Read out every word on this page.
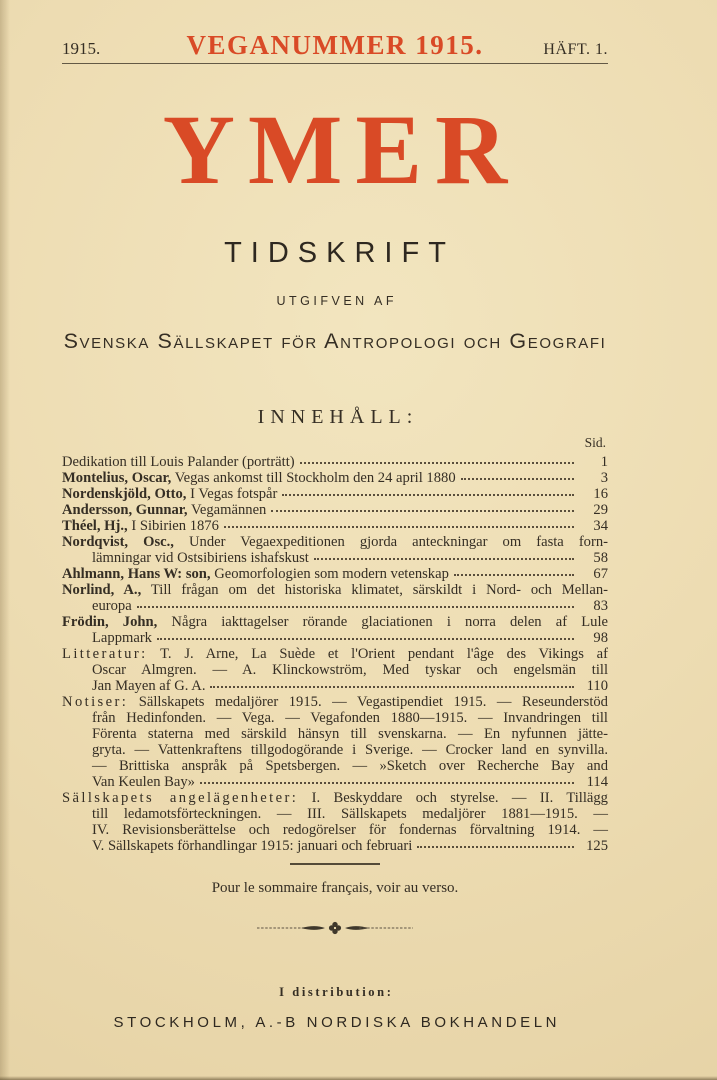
1915.	VEGANUMMER 1915.	HÄFT. 1.
YMER
TIDSKRIFT
UTGIFVEN AF
Svenska Sällskapet för Antropologi och Geografi
INNEHÅLL:
Sid.
Dedikation till Louis Palander (porträtt)	1
Montelius, Oscar, Vegas ankomst till Stockholm den 24 april 1880	3
Nordenskjöld, Otto, I Vegas fotspår	16
Andersson, Gunnar, Vegamännen	29
Théel, Hj., I Sibirien 1876	34
Nordqvist, Osc., Under Vegaexpeditionen gjorda anteckningar om fasta forn-
lämningar vid Ostsibiriens ishafskust	58
Ahlmann, Hans W: son, Geomorfologien som modern vetenskap	67
Norlind, A., Till frågan om det historiska klimatet, särskildt i Nord- och Mellan-
europa	83
Frödin, John, Några iakttagelser rörande glaciationen i norra delen af Lule
Lappmark	98
Litteratur: T. J. Arne, La Suède et l'Orient pendant l'âge des Vikings af
Oscar Almgren. — A. Klinckowström, Med tyskar och engelsmän till
Jan Mayen af G. A.	110
Notiser: Sällskapets medaljörer 1915. — Vegastipendiet 1915. — Reseunderstöd
från Hedinfonden. — Vega. — Vegafonden 1880—1915. — Invandringen till
Förenta staterna med särskild hänsyn till svenskarna. — En nyfunnen jätte-
gryta. — Vattenkraftens tillgodogörande i Sverige. — Crocker land en synvilla.
— Brittiska anspråk på Spetsbergen. — »Sketch over Recherche Bay and
Van Keulen Bay»	114
Sällskapets angelägenheter: I. Beskyddare och styrelse. — II. Tillägg
till ledamotsförteckningen. — III. Sällskapets medaljörer 1881—1915. —
IV. Revisionsberättelse och redogörelser för fondernas förvaltning 1914. —
V. Sällskapets förhandlingar 1915: januari och februari	125
Pour le sommaire français, voir au verso.
I distribution:
STOCKHOLM, A.-B NORDISKA BOKHANDELN
